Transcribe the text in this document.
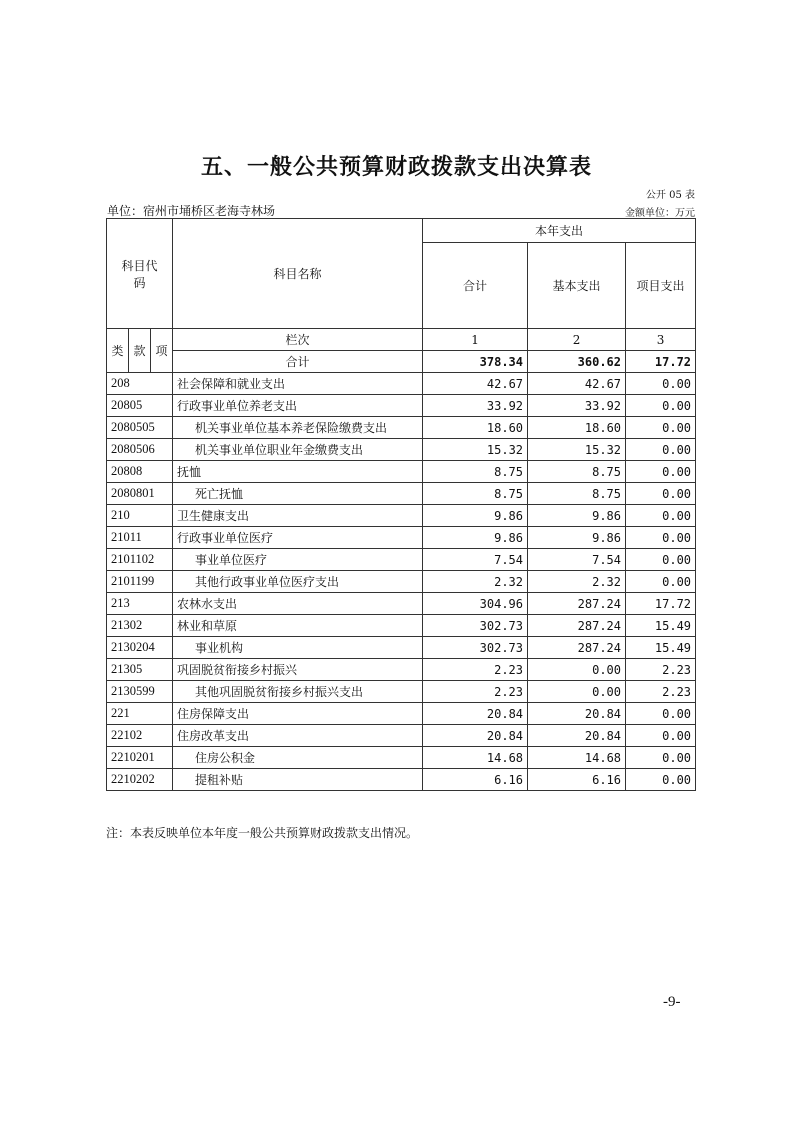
五、一般公共预算财政拨款支出决算表
公开 05 表
单位：宿州市埇桥区老海寺林场	金额单位：万元
科目代码			科目名称	本年支出		
				合计	基本支出	项目支出
类	款	项	栏次	1	2	3
			合计	378.34	360.62	17.72
208			社会保障和就业支出	42.67	42.67	0.00
20805			行政事业单位养老支出	33.92	33.92	0.00
2080505			机关事业单位基本养老保险缴费支出	18.60	18.60	0.00
2080506			机关事业单位职业年金缴费支出	15.32	15.32	0.00
20808			抚恤	8.75	8.75	0.00
2080801			死亡抚恤	8.75	8.75	0.00
210			卫生健康支出	9.86	9.86	0.00
21011			行政事业单位医疗	9.86	9.86	0.00
2101102			事业单位医疗	7.54	7.54	0.00
2101199			其他行政事业单位医疗支出	2.32	2.32	0.00
213			农林水支出	304.96	287.24	17.72
21302			林业和草原	302.73	287.24	15.49
2130204			事业机构	302.73	287.24	15.49
21305			巩固脱贫衔接乡村振兴	2.23	0.00	2.23
2130599			其他巩固脱贫衔接乡村振兴支出	2.23	0.00	2.23
221			住房保障支出	20.84	20.84	0.00
22102			住房改革支出	20.84	20.84	0.00
2210201			住房公积金	14.68	14.68	0.00
2210202			提租补贴	6.16	6.16	0.00
注：本表反映单位本年度一般公共预算财政拨款支出情况。
-9-
